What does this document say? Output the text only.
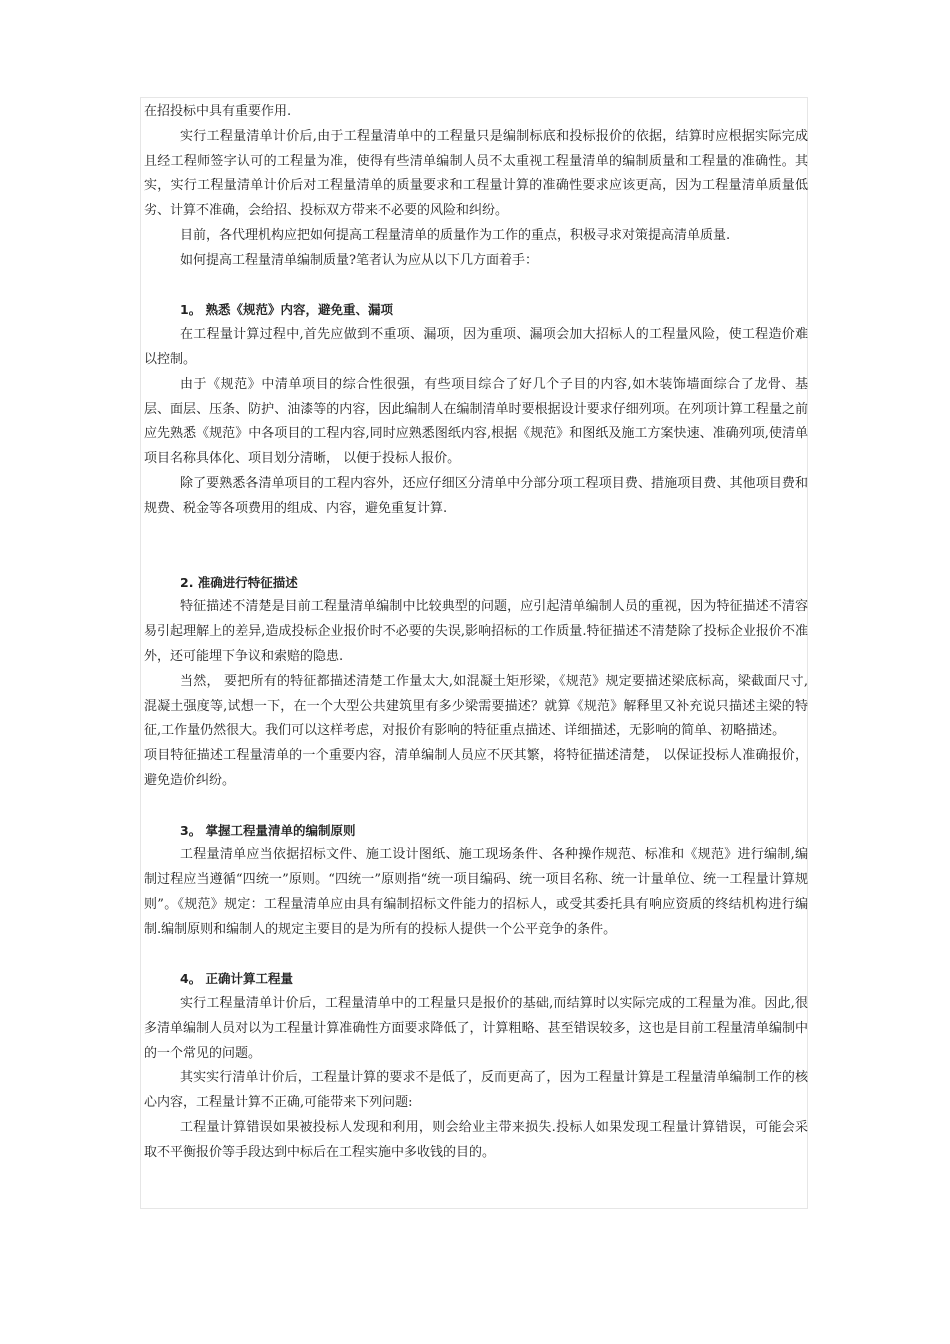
在招投标中具有重要作用.

实行工程量清单计价后,由于工程量清单中的工程量只是编制标底和投标报价的依据，结算时应根据实际完成且经工程师签字认可的工程量为准，使得有些清单编制人员不太重视工程量清单的编制质量和工程量的准确性。其实，实行工程量清单计价后对工程量清单的质量要求和工程量计算的准确性要求应该更高，因为工程量清单质量低劣、计算不准确，会给招、投标双方带来不必要的风险和纠纷。

目前，各代理机构应把如何提高工程量清单的质量作为工作的重点，积极寻求对策提高清单质量.

如何提高工程量清单编制质量?笔者认为应从以下几方面着手：

1。 熟悉《规范》内容，避免重、漏项

在工程量计算过程中,首先应做到不重项、漏项，因为重项、漏项会加大招标人的工程量风险，使工程造价难以控制。

由于《规范》中清单项目的综合性很强，有些项目综合了好几个子目的内容,如木装饰墙面综合了龙骨、基层、面层、压条、防护、油漆等的内容，因此编制人在编制清单时要根据设计要求仔细列项。在列项计算工程量之前应先熟悉《规范》中各项目的工程内容,同时应熟悉图纸内容,根据《规范》和图纸及施工方案快速、准确列项,使清单项目名称具体化、项目划分清晰， 以便于投标人报价。

除了要熟悉各清单项目的工程内容外，还应仔细区分清单中分部分项工程项目费、措施项目费、其他项目费和规费、税金等各项费用的组成、内容，避免重复计算.

2. 准确进行特征描述

特征描述不清楚是目前工程量清单编制中比较典型的问题，应引起清单编制人员的重视，因为特征描述不清容易引起理解上的差异,造成投标企业报价时不必要的失误,影响招标的工作质量.特征描述不清楚除了投标企业报价不准外，还可能埋下争议和索赔的隐患.

当然， 要把所有的特征都描述清楚工作量太大,如混凝土矩形梁，《规范》规定要描述梁底标高，梁截面尺寸,混凝土强度等,试想一下，在一个大型公共建筑里有多少梁需要描述？就算《规范》解释里又补充说只描述主梁的特征,工作量仍然很大。我们可以这样考虑，对报价有影响的特征重点描述、详细描述，无影响的简单、初略描述。

项目特征描述工程量清单的一个重要内容，清单编制人员应不厌其繁，将特征描述清楚， 以保证投标人准确报价，避免造价纠纷。

3。 掌握工程量清单的编制原则

工程量清单应当依据招标文件、施工设计图纸、施工现场条件、各种操作规范、标准和《规范》进行编制,编制过程应当遵循“四统一”原则。“四统一”原则指“统一项目编码、统一项目名称、统一计量单位、统一工程量计算规则”。《规范》规定：工程量清单应由具有编制招标文件能力的招标人，或受其委托具有响应资质的终结机构进行编制.编制原则和编制人的规定主要目的是为所有的投标人提供一个公平竞争的条件。

4。 正确计算工程量

实行工程量清单计价后，工程量清单中的工程量只是报价的基础,而结算时以实际完成的工程量为准。因此,很多清单编制人员对以为工程量计算准确性方面要求降低了，计算粗略、甚至错误较多，这也是目前工程量清单编制中的一个常见的问题。

其实实行清单计价后，工程量计算的要求不是低了，反而更高了，因为工程量计算是工程量清单编制工作的核心内容，工程量计算不正确,可能带来下列问题:

工程量计算错误如果被投标人发现和利用，则会给业主带来损失.投标人如果发现工程量计算错误，可能会采取不平衡报价等手段达到中标后在工程实施中多收钱的目的。
